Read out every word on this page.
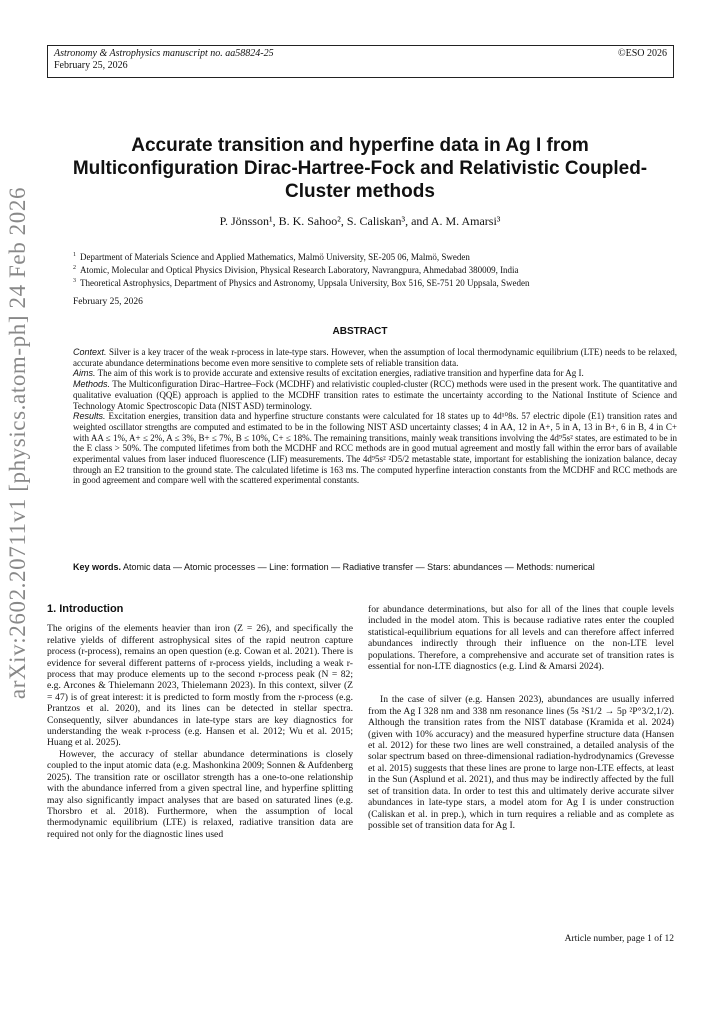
Astronomy & Astrophysics manuscript no. aa58824-25
February 25, 2026
©ESO 2026
arXiv:2602.20711v1 [physics.atom-ph] 24 Feb 2026
Accurate transition and hyperfine data in Ag I from Multiconfiguration Dirac-Hartree-Fock and Relativistic Coupled-Cluster methods
P. Jönsson¹, B. K. Sahoo², S. Caliskan³, and A. M. Amarsi³
$^1$ Department of Materials Science and Applied Mathematics, Malmö University, SE-205 06, Malmö, Sweden
$^2$ Atomic, Molecular and Optical Physics Division, Physical Research Laboratory, Navrangpura, Ahmedabad 380009, India
$^3$ Theoretical Astrophysics, Department of Physics and Astronomy, Uppsala University, Box 516, SE-751 20 Uppsala, Sweden
February 25, 2026
ABSTRACT

Context. Silver is a key tracer of the weak r-process in late-type stars. However, when the assumption of local thermodynamic equilibrium (LTE) needs to be relaxed, accurate abundance determinations become even more sensitive to complete sets of reliable transition data.

Aims. The aim of this work is to provide accurate and extensive results of excitation energies, radiative transition and hyperfine data for Ag I.

Methods. The Multiconfiguration Dirac–Hartree–Fock (MCDHF) and relativistic coupled-cluster (RCC) methods were used in the present work. The quantitative and qualitative evaluation (QQE) approach is applied to the MCDHF transition rates to estimate the uncertainty according to the National Institute of Science and Technology Atomic Spectroscopic Data (NIST ASD) terminology.

Results. Excitation energies, transition data and hyperfine structure constants were calculated for 18 states up to 4d¹⁰8s. 57 electric dipole (E1) transition rates and weighted oscillator strengths are computed and estimated to be in the following NIST ASD uncertainty classes; 4 in AA, 12 in A+, 5 in A, 13 in B+, 6 in B, 4 in C+ with AA ≤ 1%, A+ ≤ 2%, A ≤ 3%, B+ ≤ 7%, B ≤ 10%, C+ ≤ 18%. The remaining transitions, mainly weak transitions involving the 4d⁹5s² states, are estimated to be in the E class > 50%. The computed lifetimes from both the MCDHF and RCC methods are in good mutual agreement and mostly fall within the error bars of available experimental values from laser induced fluorescence (LIF) measurements. The 4d⁹5s² ²D5/2 metastable state, important for establishing the ionization balance, decay through an E2 transition to the ground state. The calculated lifetime is 163 ms. The computed hyperfine interaction constants from the MCDHF and RCC methods are in good agreement and compare well with the scattered experimental constants.

Key words. Atomic data — Atomic processes — Line: formation — Radiative transfer — Stars: abundances — Methods: numerical
1. Introduction

The origins of the elements heavier than iron (Z = 26), and specifically the relative yields of different astrophysical sites of the rapid neutron capture process (r-process), remains an open question (e.g. Cowan et al. 2021). There is evidence for several different patterns of r-process yields, including a weak r-process that may produce elements up to the second r-process peak (N = 82; e.g. Arcones & Thielemann 2023, Thielemann 2023). In this context, silver (Z = 47) is of great interest: it is predicted to form mostly from the r-process (e.g. Prantzos et al. 2020), and its lines can be detected in stellar spectra. Consequently, silver abundances in late-type stars are key diagnostics for understanding the weak r-process (e.g. Hansen et al. 2012; Wu et al. 2015; Huang et al. 2025).

However, the accuracy of stellar abundance determinations is closely coupled to the input atomic data (e.g. Mashonkina 2009; Sonnen & Aufdenberg 2025). The transition rate or oscillator strength has a one-to-one relationship with the abundance inferred from a given spectral line, and hyperfine splitting may also significantly impact analyses that are based on saturated lines (e.g. Thorsbro et al. 2018). Furthermore, when the assumption of local thermodynamic equilibrium (LTE) is relaxed, radiative transition data are required not only for the diagnostic lines used

for abundance determinations, but also for all of the lines that couple levels included in the model atom. This is because radiative rates enter the coupled statistical-equilibrium equations for all levels and can therefore affect inferred abundances indirectly through their influence on the non-LTE level populations. Therefore, a comprehensive and accurate set of transition rates is essential for non-LTE diagnostics (e.g. Lind & Amarsi 2024).

In the case of silver (e.g. Hansen 2023), abundances are usually inferred from the Ag I 328 nm and 338 nm resonance lines (5s ²S1/2 → 5p ²P°3/2,1/2). Although the transition rates from the NIST database (Kramida et al. 2024) (given with 10% accuracy) and the measured hyperfine structure data (Hansen et al. 2012) for these two lines are well constrained, a detailed analysis of the solar spectrum based on three-dimensional radiation-hydrodynamics (Grevesse et al. 2015) suggests that these lines are prone to large non-LTE effects, at least in the Sun (Asplund et al. 2021), and thus may be indirectly affected by the full set of transition data. In order to test this and ultimately derive accurate silver abundances in late-type stars, a model atom for Ag I is under construction (Caliskan et al. in prep.), which in turn requires a reliable and as complete as possible set of transition data for Ag I.

Article number, page 1 of 12
